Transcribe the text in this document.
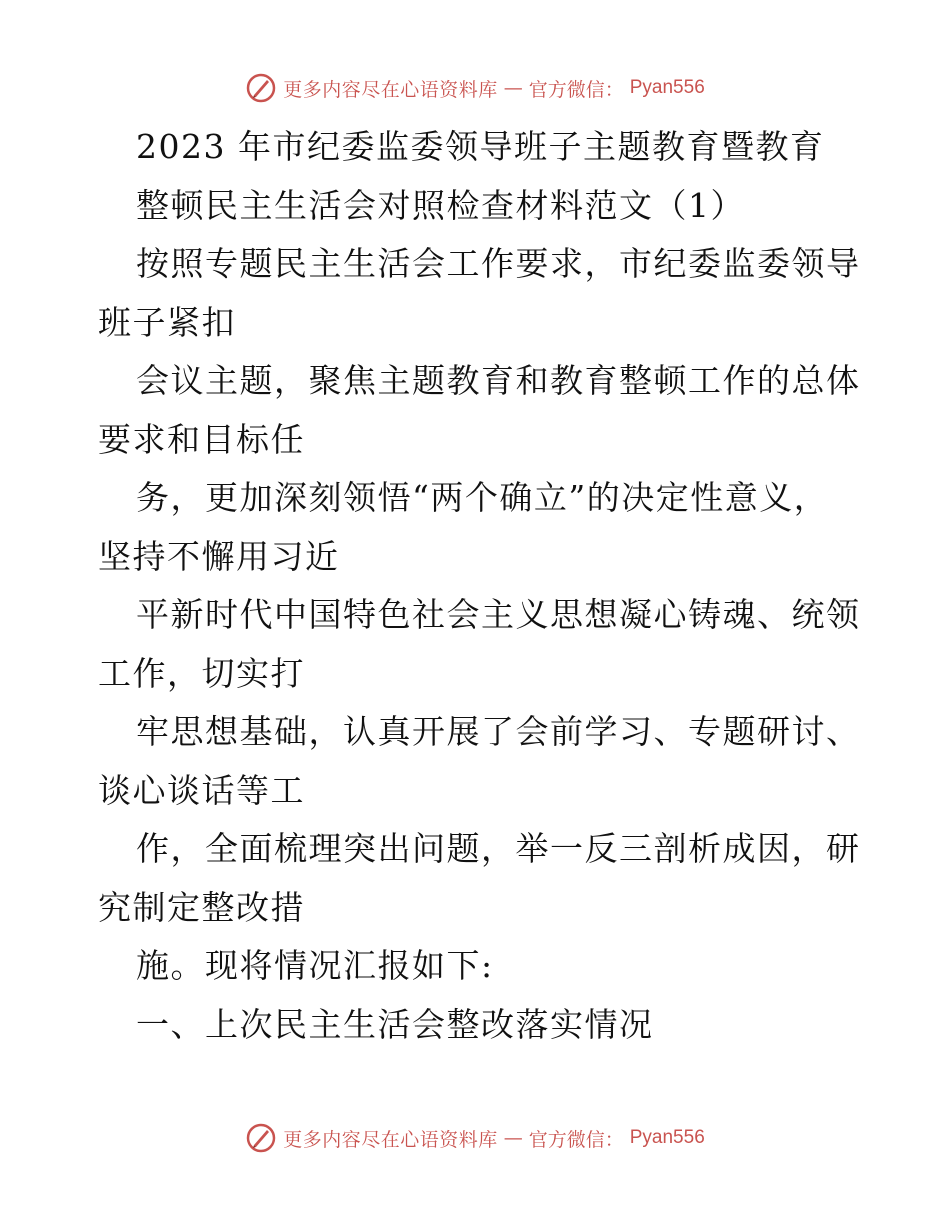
更多内容尽在心语资料库 — 官方微信： Pyan556
2023 年市纪委监委领导班子主题教育暨教育
整顿民主生活会对照检查材料范文（1）
按照专题民主生活会工作要求，市纪委监委领导
班子紧扣
会议主题，聚焦主题教育和教育整顿工作的总体
要求和目标任
务，更加深刻领悟“两个确立”的决定性意义，
坚持不懈用习近
平新时代中国特色社会主义思想凝心铸魂、统领
工作，切实打
牢思想基础，认真开展了会前学习、专题研讨、
谈心谈话等工
作，全面梳理突出问题，举一反三剖析成因，研
究制定整改措
施。现将情况汇报如下:
一、上次民主生活会整改落实情况
更多内容尽在心语资料库 — 官方微信： Pyan556
